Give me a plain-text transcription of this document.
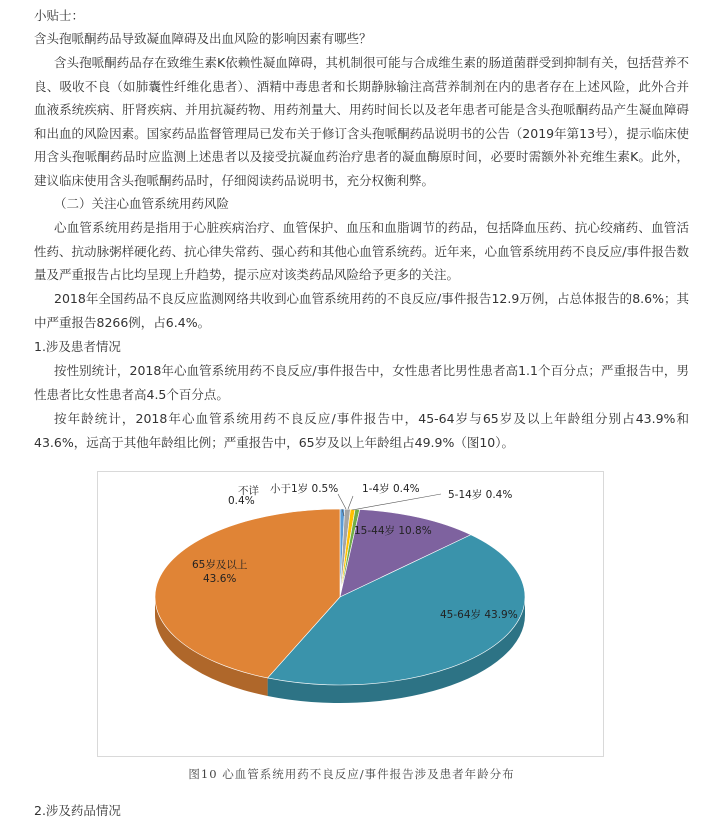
小贴士：
含头孢哌酮药品导致凝血障碍及出血风险的影响因素有哪些？
含头孢哌酮药品存在致维生素K依赖性凝血障碍，其机制很可能与合成维生素的肠道菌群受到抑制有关，包括营养不良、吸收不良（如肺囊性纤维化患者）、酒精中毒患者和长期静脉输注高营养制剂在内的患者存在上述风险，此外合并血液系统疾病、肝肾疾病、并用抗凝药物、用药剂量大、用药时间长以及老年患者可能是含头孢哌酮药品产生凝血障碍和出血的风险因素。国家药品监督管理局已发布关于修订含头孢哌酮药品说明书的公告（2019年第13号），提示临床使用含头孢哌酮药品时应监测上述患者以及接受抗凝血药治疗患者的凝血酶原时间，必要时需额外补充维生素K。此外，建议临床使用含头孢哌酮药品时，仔细阅读药品说明书，充分权衡利弊。
（二）关注心血管系统用药风险
心血管系统用药是指用于心脏疾病治疗、血管保护、血压和血脂调节的药品，包括降血压药、抗心绞痛药、血管活性药、抗动脉粥样硬化药、抗心律失常药、强心药和其他心血管系统药。近年来，心血管系统用药不良反应/事件报告数量及严重报告占比均呈现上升趋势，提示应对该类药品风险给予更多的关注。
2018年全国药品不良反应监测网络共收到心血管系统用药的不良反应/事件报告12.9万例，占总体报告的8.6%；其中严重报告8266例，占6.4%。
1.涉及患者情况
按性别统计，2018年心血管系统用药不良反应/事件报告中，女性患者比男性患者高1.1个百分点；严重报告中，男性患者比女性患者高4.5个百分点。
按年龄统计，2018年心血管系统用药不良反应/事件报告中，45-64岁与65岁及以上年龄组分别占43.9%和43.6%，远高于其他年龄组比例；严重报告中，65岁及以上年龄组占49.9%（图10）。
不详
0.4%
小于1岁 0.5% 1-4岁 0.4%	5-14岁 0.4%
15-44岁 10.8%
45-64岁 43.9%
65岁及以上
43.6%
图10 心血管系统用药不良反应/事件报告涉及患者年龄分布
2.涉及药品情况
